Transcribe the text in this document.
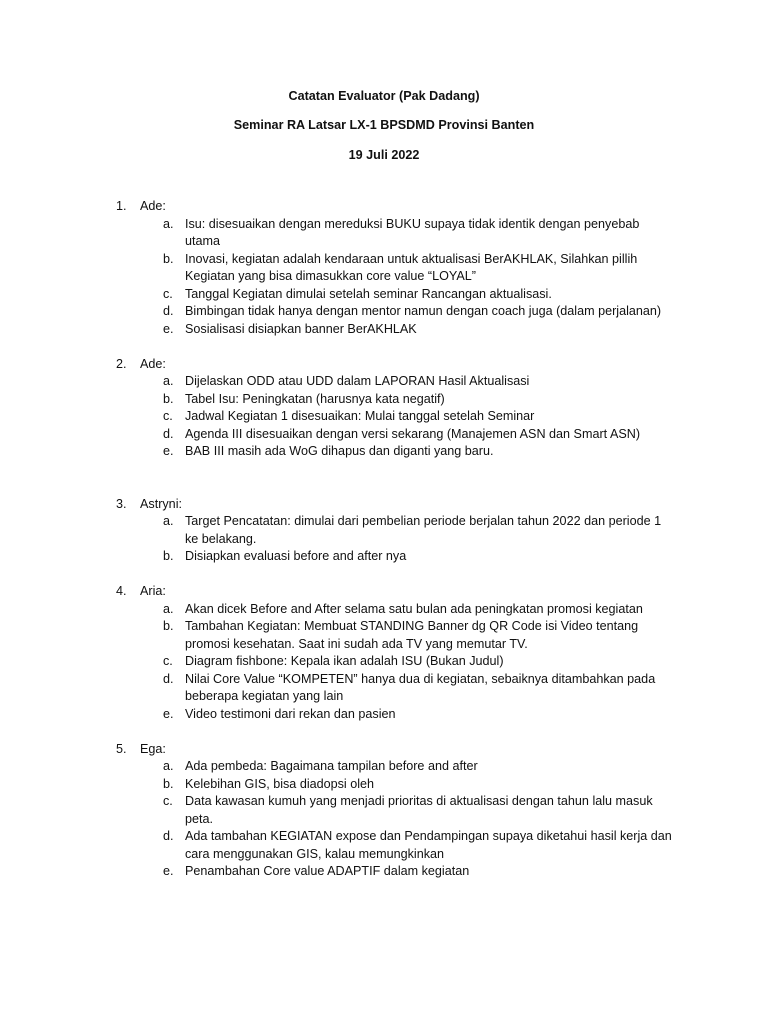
Catatan Evaluator (Pak Dadang)
Seminar RA Latsar LX-1 BPSDMD Provinsi Banten
19 Juli 2022
1.	Ade:
a. Isu: disesuaikan dengan mereduksi BUKU supaya tidak identik dengan penyebab utama
b. Inovasi, kegiatan adalah kendaraan untuk aktualisasi BerAKHLAK, Silahkan pillih Kegiatan yang bisa dimasukkan core value “LOYAL”
c. Tanggal Kegiatan dimulai setelah seminar Rancangan aktualisasi.
d. Bimbingan tidak hanya dengan mentor namun dengan coach juga (dalam perjalanan)
e. Sosialisasi disiapkan banner BerAKHLAK
2.	Ade:
a. Dijelaskan ODD atau UDD dalam LAPORAN Hasil Aktualisasi
b. Tabel Isu: Peningkatan (harusnya kata negatif)
c. Jadwal Kegiatan 1 disesuaikan: Mulai tanggal setelah Seminar
d. Agenda III disesuaikan dengan versi sekarang (Manajemen ASN dan Smart ASN)
e. BAB III masih ada WoG dihapus dan diganti yang baru.
3.	Astryni:
a. Target Pencatatan: dimulai dari pembelian periode berjalan tahun 2022 dan periode 1 ke belakang.
b. Disiapkan evaluasi before and after nya
4.	Aria:
a. Akan dicek Before and After selama satu bulan ada peningkatan promosi kegiatan
b. Tambahan Kegiatan: Membuat STANDING Banner dg QR Code isi Video tentang promosi kesehatan. Saat ini sudah ada TV yang memutar TV.
c. Diagram fishbone: Kepala ikan adalah ISU (Bukan Judul)
d. Nilai Core Value “KOMPETEN” hanya dua di kegiatan, sebaiknya ditambahkan pada beberapa kegiatan yang lain
e. Video testimoni dari rekan dan pasien
5.	Ega:
a. Ada pembeda: Bagaimana tampilan before and after
b. Kelebihan GIS, bisa diadopsi oleh
c. Data kawasan kumuh yang menjadi prioritas di aktualisasi dengan tahun lalu masuk peta.
d. Ada tambahan KEGIATAN expose dan Pendampingan supaya diketahui hasil kerja dan cara menggunakan GIS, kalau memungkinkan
e. Penambahan Core value ADAPTIF dalam kegiatan
